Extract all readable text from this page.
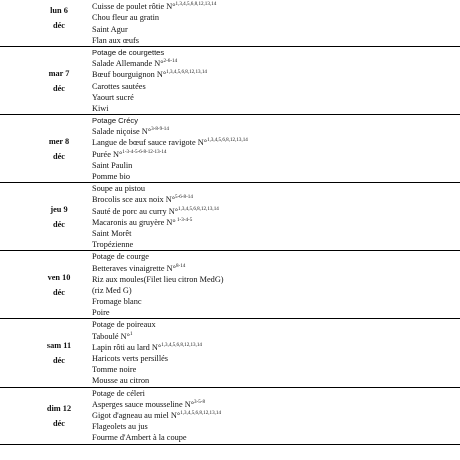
lun 6
déc
Cuisse de poulet rôtie N°$^{1,3,4,5,6,8,12,13,14}$
Chou fleur au gratin
Saint Agur
Flan aux œufs
mar 7
déc
Potage de courgettes
Salade Allemande N°$^{2-6-14}$
Bœuf bourguignon N°$^{1,3,4,5,6,8,12,13,14}$
Carottes sautées
Yaourt sucré
Kiwi
mer 8
déc
Potage Crécy
Salade niçoise N°$^{3-8-9-14}$
Langue de bœuf sauce ravigote N°$^{1,3,4,5,6,8,12,13,14}$
Purée N°$^{1-3-4-5-6-8-12-13-14}$
Saint Paulin
Pomme bio
jeu 9
déc
Soupe au pistou
Brocolis sce aux noix N°$^{5-6-8-14}$
Sauté de porc au curry N°$^{1,3,4,5,6,8,12,13,14}$
Macaronis au gruyère N° $^{1-3-4-5}$
Saint Morêt
Tropézienne
ven 10
déc
Potage de courge
Betteraves vinaigrette N°$^{8-14}$
Riz aux moules(Filet lieu citron MedG)
(riz Med G)
Fromage blanc
Poire
sam 11
déc
Potage de poireaux
Taboulé N°$^1$
Lapin rôti au lard N°$^{1,3,4,5,6,8,12,13,14}$
Haricots verts persillés
Tomme noire
Mousse au citron
dim 12
déc
Potage de céleri
Asperges sauce mousseline N°$^{3-5-8}$
Gigot d'agneau au miel N°$^{1,3,4,5,6,8,12,13,14}$
Flageolets au jus
Fourme d'Ambert à la coupe
